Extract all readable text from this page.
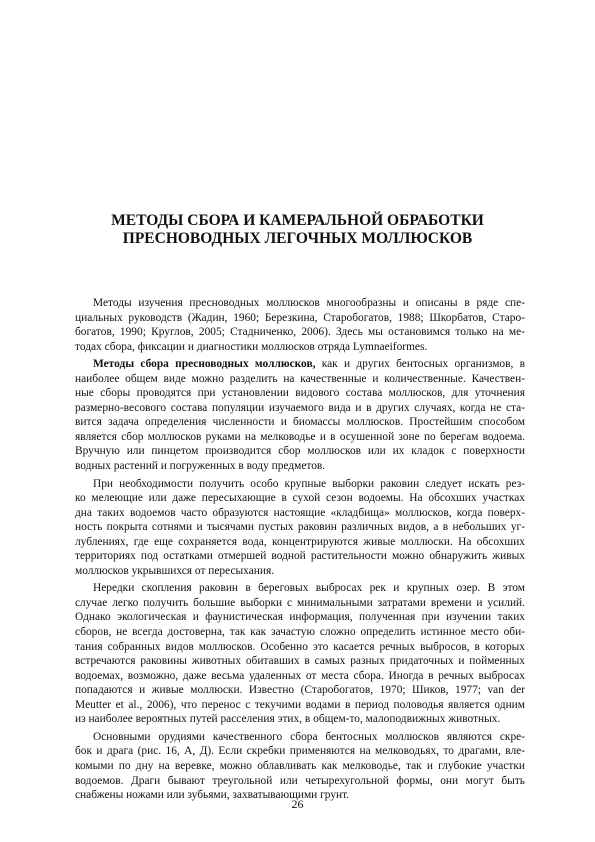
МЕТОДЫ СБОРА И КАМЕРАЛЬНОЙ ОБРАБОТКИ
ПРЕСНОВОДНЫХ ЛЕГОЧНЫХ МОЛЛЮСКОВ
Методы изучения пресноводных моллюсков многообразны и описаны в ряде спе-
циальных руководств (Жадин, 1960; Березкина, Старобогатов, 1988; Шкорбатов, Старо-
богатов, 1990; Круглов, 2005; Стадниченко, 2006). Здесь мы остановимся только на ме-
тодах сбора, фиксации и диагностики моллюсков отряда Lymnaeiformes.
Методы сбора пресноводных моллюсков, как и других бентосных организмов, в
наиболее общем виде можно разделить на качественные и количественные. Качествен-
ные сборы проводятся при установлении видового состава моллюсков, для уточнения
размерно-весового состава популяции изучаемого вида и в других случаях, когда не ста-
вится задача определения численности и биомассы моллюсков. Простейшим способом
является сбор моллюсков руками на мелководье и в осушенной зоне по берегам водоема.
Вручную или пинцетом производится сбор моллюсков или их кладок с поверхности
водных растений и погруженных в воду предметов.
При необходимости получить особо крупные выборки раковин следует искать рез-
ко мелеющие или даже пересыхающие в сухой сезон водоемы. На обсохших участках
дна таких водоемов часто образуются настоящие «кладбища» моллюсков, когда поверх-
ность покрыта сотнями и тысячами пустых раковин различных видов, а в небольших уг-
лублениях, где еще сохраняется вода, концентрируются живые моллюски. На обсохших
территориях под остатками отмершей водной растительности можно обнаружить живых
моллюсков укрывшихся от пересыхания.
Нередки скопления раковин в береговых выбросах рек и крупных озер. В этом
случае легко получить большие выборки с минимальными затратами времени и усилий.
Однако экологическая и фаунистическая информация, полученная при изучении таких
сборов, не всегда достоверна, так как зачастую сложно определить истинное место оби-
тания собранных видов моллюсков. Особенно это касается речных выбросов, в которых
встречаются раковины животных обитавших в самых разных придаточных и пойменных
водоемах, возможно, даже весьма удаленных от места сбора. Иногда в речных выбросах
попадаются и живые моллюски. Известно (Старобогатов, 1970; Шиков, 1977; van der
Meutter et al., 2006), что перенос с текучими водами в период половодья является одним
из наиболее вероятных путей расселения этих, в общем-то, малоподвижных животных.
Основными орудиями качественного сбора бентосных моллюсков являются скре-
бок и драга (рис. 16, А, Д). Если скребки применяются на мелководьях, то драгами, вле-
комыми по дну на веревке, можно облавливать как мелководье, так и глубокие участки
водоемов. Драги бывают треугольной или четырехугольной формы, они могут быть
снабжены ножами или зубьями, захватывающими грунт.
26
